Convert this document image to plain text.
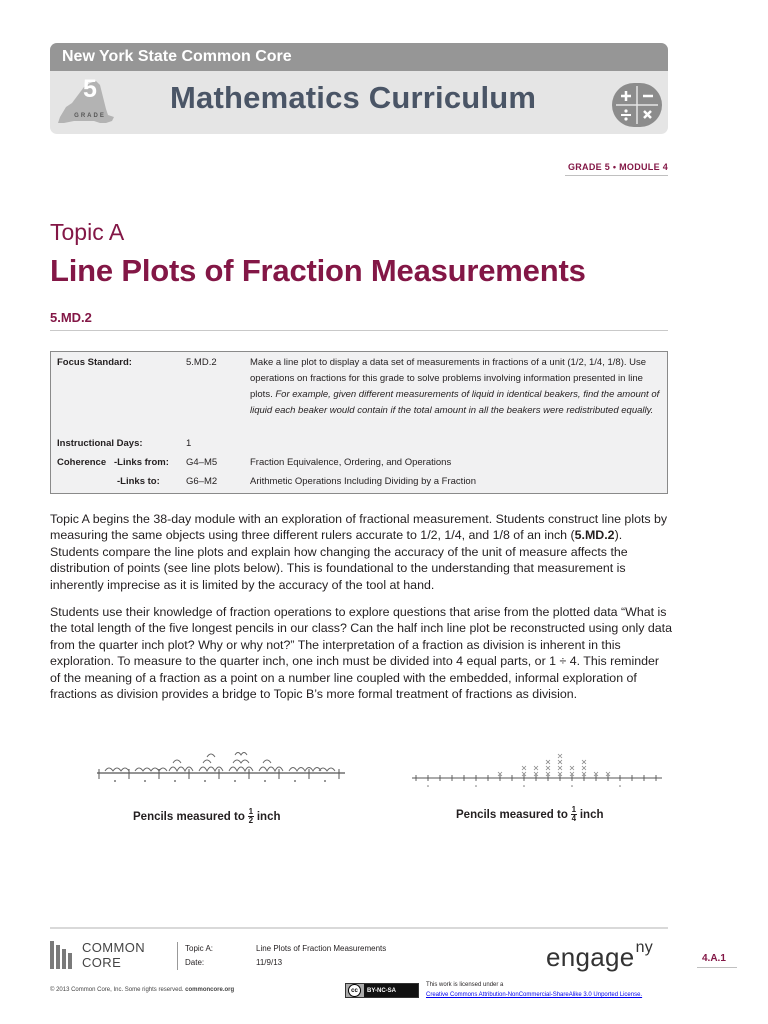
New York State Common Core
5
GRADE
Mathematics Curriculum
GRADE 5 • MODULE 4
Topic A
Line Plots of Fraction Measurements
5.MD.2
Focus Standard:	5.MD.2	Make a line plot to display a data set of measurements in fractions of a unit (1/2, 1/4, 1/8). Use operations on fractions for this grade to solve problems involving information presented in line plots. For example, given different measurements of liquid in identical beakers, find the amount of liquid each beaker would contain if the total amount in all the beakers were redistributed equally.
Instructional Days:	1
Coherence   -Links from: G4–M5	Fraction Equivalence, Ordering, and Operations
-Links to:	G6–M2	Arithmetic Operations Including Dividing by a Fraction
Topic A begins the 38-day module with an exploration of fractional measurement. Students construct line plots by measuring the same objects using three different rulers accurate to 1/2, 1/4, and 1/8 of an inch (5.MD.2). Students compare the line plots and explain how changing the accuracy of the unit of measure affects the distribution of points (see line plots below). This is foundational to the understanding that measurement is inherently imprecise as it is limited by the accuracy of the tool at hand.
Students use their knowledge of fraction operations to explore questions that arise from the plotted data “What is the total length of the five longest pencils in our class? Can the half inch line plot be reconstructed using only data from the quarter inch plot? Why or why not?” The interpretation of a fraction as division is inherent in this exploration. To measure to the quarter inch, one inch must be divided into 4 equal parts, or 1 ÷ 4. This reminder of the meaning of a fraction as a point on a number line coupled with the embedded, informal exploration of fractions as division provides a bridge to Topic B’s more formal treatment of fractions as division.
Pencils measured to $\frac{1}{2}$ inch	Pencils measured to $\frac{1}{4}$ inch
COMMON
CORE
Topic A:	Line Plots of Fraction Measurements
Date:	11/9/13	engage$^{ny}$
4.A.1
© 2013 Common Core, Inc. Some rights reserved. commoncore.org	cc	BY-NC-SA
This work is licensed under a
Creative Commons Attribution-NonCommercial-ShareAlike 3.0 Unported License.
